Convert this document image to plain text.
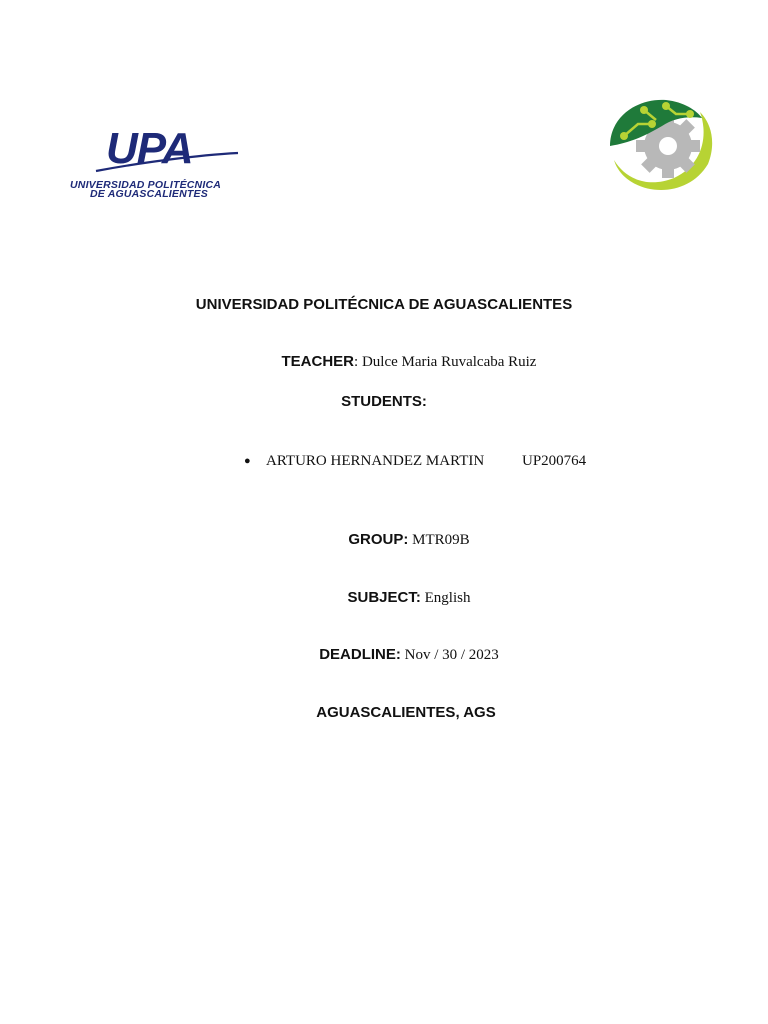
UPA
UNIVERSIDAD POLITÉCNICA
DE AGUASCALIENTES
UNIVERSIDAD POLITÉCNICA DE AGUASCALIENTES
TEACHER: Dulce Maria Ruvalcaba Ruiz
STUDENTS:
● ARTURO HERNANDEZ MARTIN	UP200764
GROUP: MTR09B
SUBJECT: English
DEADLINE: Nov / 30 / 2023
AGUASCALIENTES, AGS
